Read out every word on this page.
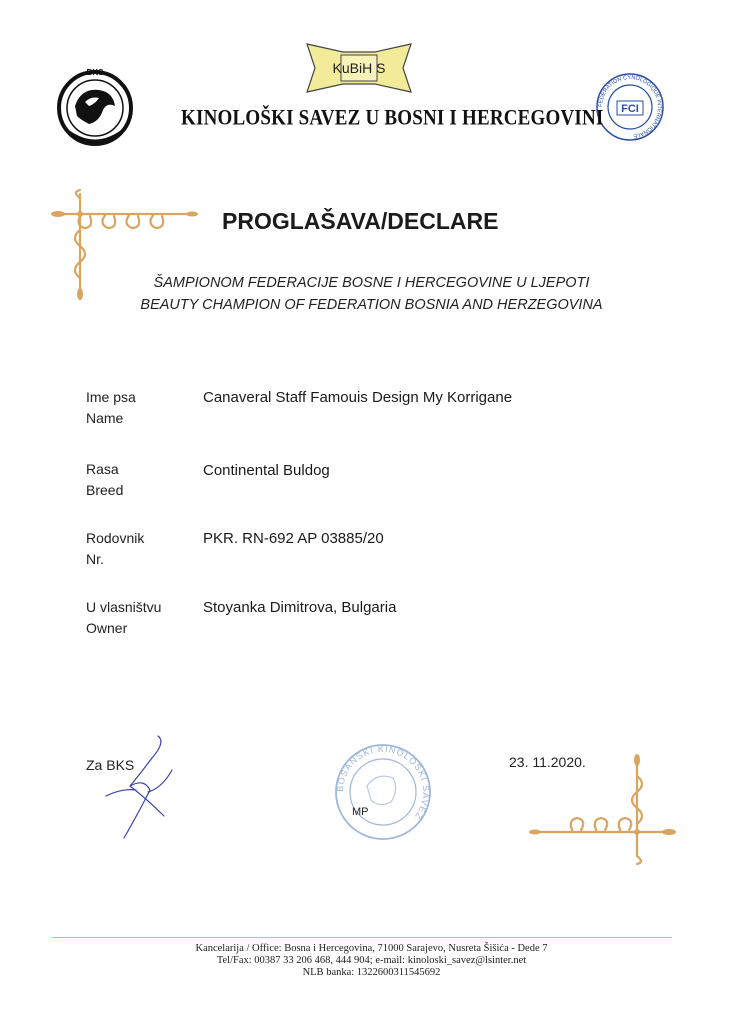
BKS	KuBiH S
FEDERATION CYNOLOGIQUE INTERNATIONALE
FCI
KINOLOŠKI SAVEZ U BOSNI I HERCEGOVINI
PROGLAŠAVA/DECLARE
ŠAMPIONOM FEDERACIJE BOSNE I HERCEGOVINE U LJEPOTI
BEAUTY CHAMPION OF FEDERATION BOSNIA AND HERZEGOVINA
Ime psa
Name
Canaveral Staff Famouis Design My Korrigane
Rasa
Breed
Continental Buldog
Rodovnik
Nr.
PKR. RN-692 AP 03885/20
U vlasništvu
Owner
Stoyanka Dimitrova, Bulgaria
Za BKS
BOSANSKI KINOLOŠKI SAVEZ
MP
23. 11.2020.
Kancelarija / Office: Bosna i Hercegovina, 71000 Sarajevo, Nusreta Šišića - Dede 7
Tel/Fax: 00387 33 206 468, 444 904; e-mail: kinoloski_savez@lsinter.net
NLB banka: 1322600311545692
